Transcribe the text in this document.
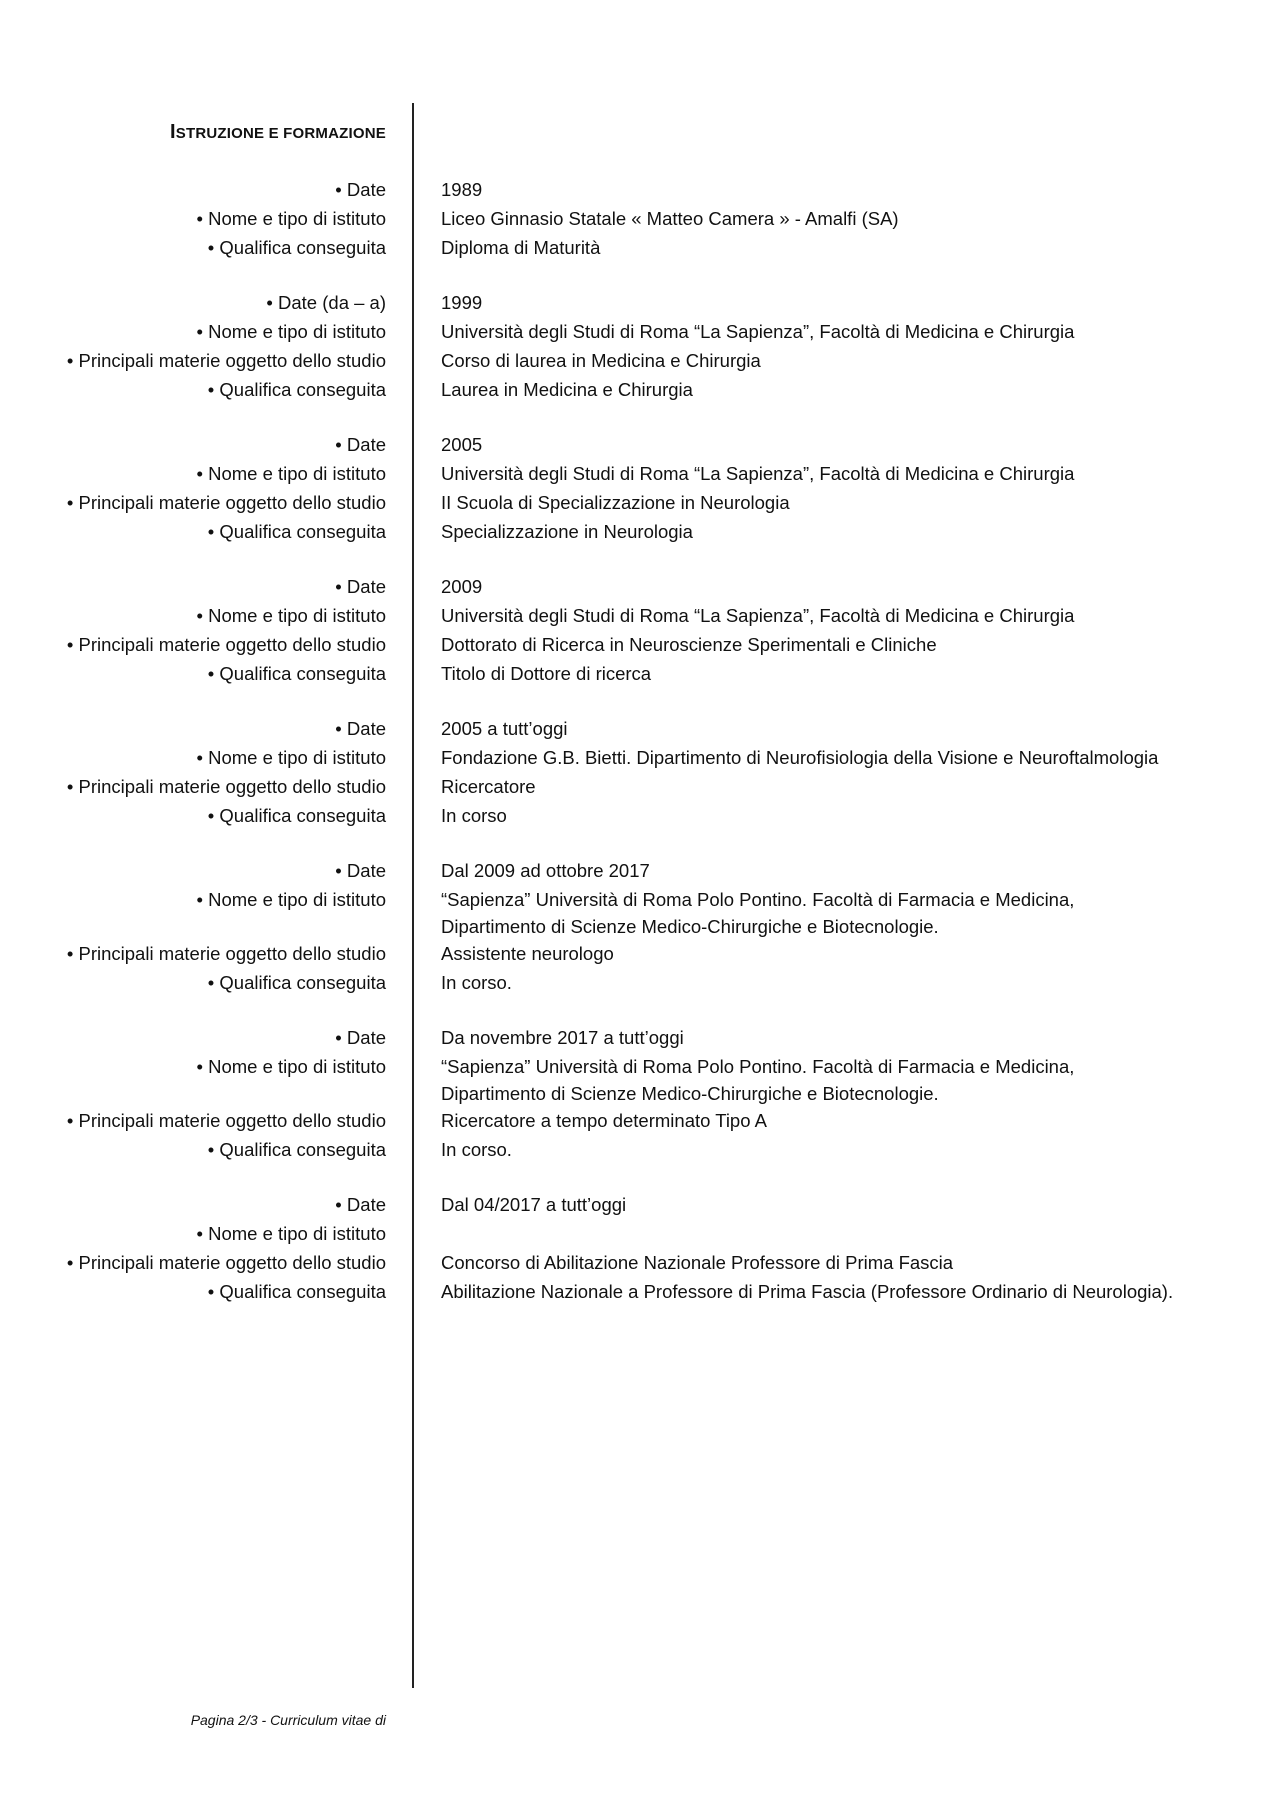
ISTRUZIONE E FORMAZIONE
• Date	1989
• Nome e tipo di istituto	Liceo Ginnasio Statale « Matteo Camera » - Amalfi (SA)
• Qualifica conseguita	Diploma di Maturità
• Date (da – a)	1999
• Nome e tipo di istituto	Università degli Studi di Roma “La Sapienza”, Facoltà di Medicina e Chirurgia
• Principali materie oggetto dello studio	Corso di laurea in Medicina e Chirurgia
• Qualifica conseguita	Laurea in Medicina e Chirurgia
• Date	2005
• Nome e tipo di istituto	Università degli Studi di Roma “La Sapienza”, Facoltà di Medicina e Chirurgia
• Principali materie oggetto dello studio	II Scuola di Specializzazione in Neurologia
• Qualifica conseguita	Specializzazione in Neurologia
• Date	2009
• Nome e tipo di istituto	Università degli Studi di Roma “La Sapienza”, Facoltà di Medicina e Chirurgia
• Principali materie oggetto dello studio	Dottorato di Ricerca in Neuroscienze Sperimentali e Cliniche
• Qualifica conseguita	Titolo di Dottore di ricerca
• Date	2005 a tutt’oggi
• Nome e tipo di istituto	Fondazione G.B. Bietti. Dipartimento di Neurofisiologia della Visione e Neuroftalmologia
• Principali materie oggetto dello studio	Ricercatore
• Qualifica conseguita	In corso
• Date	Dal 2009 ad ottobre 2017
• Nome e tipo di istituto	“Sapienza” Università di Roma Polo Pontino. Facoltà di Farmacia e Medicina, Dipartimento di Scienze Medico-Chirurgiche e Biotecnologie.
• Principali materie oggetto dello studio	Assistente neurologo
• Qualifica conseguita	In corso.
• Date	Da novembre 2017 a tutt’oggi
• Nome e tipo di istituto	“Sapienza” Università di Roma Polo Pontino. Facoltà di Farmacia e Medicina, Dipartimento di Scienze Medico-Chirurgiche e Biotecnologie.
• Principali materie oggetto dello studio	Ricercatore a tempo determinato Tipo A
• Qualifica conseguita	In corso.
• Date	Dal 04/2017 a tutt’oggi
• Nome e tipo di istituto
• Principali materie oggetto dello studio	Concorso di Abilitazione Nazionale Professore di Prima Fascia
• Qualifica conseguita	Abilitazione Nazionale a Professore di Prima Fascia (Professore Ordinario di Neurologia).
Pagina 2/3 - Curriculum vitae di
